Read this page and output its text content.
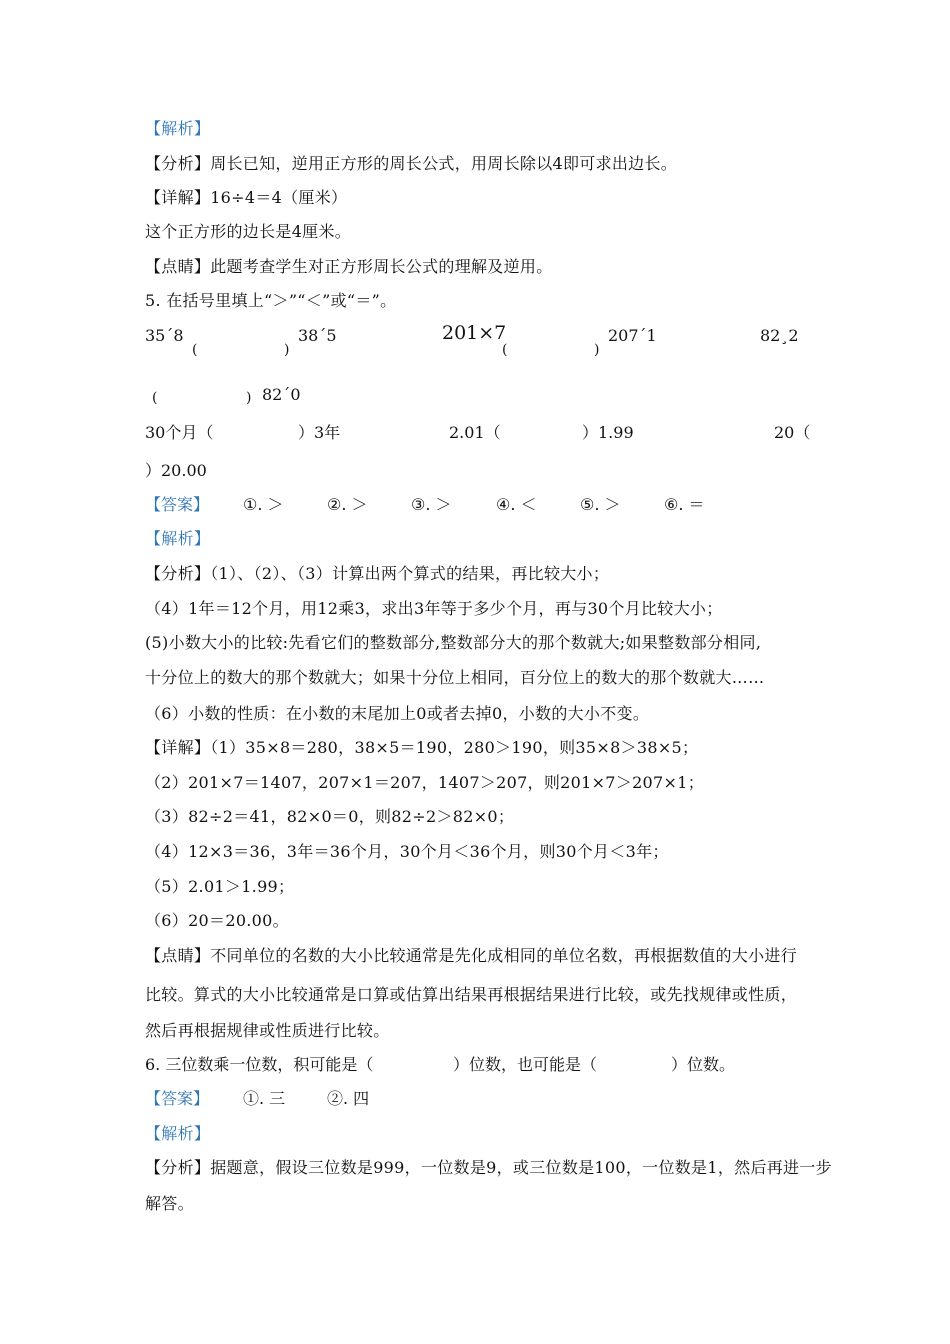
【解析】
【分析】周长已知，逆用正方形的周长公式，用周长除以4即可求出边长。
【详解】16÷4＝4（厘米）
这个正方形的边长是4厘米。
【点睛】此题考查学生对正方形周长公式的理解及逆用。
5. 在括号里填上“＞”“＜”或“＝”。
35´8
(	)
38´5	201×7
(	)
207´1	82¸2
(	) 82´0
30个月（	）3年	2.01（	）1.99	20（
）20.00
【答案】 ①. ＞	②. ＞	③. ＞	④. ＜	⑤. ＞	⑥. ＝
【解析】
【分析】（1）、（2）、（3）计算出两个算式的结果，再比较大小；
（4）1年＝12个月，用12乘3，求出3年等于多少个月，再与30个月比较大小；
(5)小数大小的比较:先看它们的整数部分,整数部分大的那个数就大;如果整数部分相同,
十分位上的数大的那个数就大；如果十分位上相同，百分位上的数大的那个数就大……
（6）小数的性质：在小数的末尾加上0或者去掉0，小数的大小不变。
【详解】（1）35×8＝280，38×5＝190，280＞190，则35×8＞38×5；
（2）201×7＝1407，207×1＝207，1407＞207，则201×7＞207×1；
（3）82÷2＝41，82×0＝0，则82÷2＞82×0；
（4）12×3＝36，3年＝36个月，30个月＜36个月，则30个月＜3年；
（5）2.01＞1.99；
（6）20＝20.00。
【点睛】不同单位的名数的大小比较通常是先化成相同的单位名数，再根据数值的大小进行
比较。算式的大小比较通常是口算或估算出结果再根据结果进行比较，或先找规律或性质，
然后再根据规律或性质进行比较。
6. 三位数乘一位数，积可能是（	）位数，也可能是（	）位数。
【答案】 ①. 三	②. 四
【解析】
【分析】据题意，假设三位数是999，一位数是9，或三位数是100，一位数是1，然后再进一步
解答。
